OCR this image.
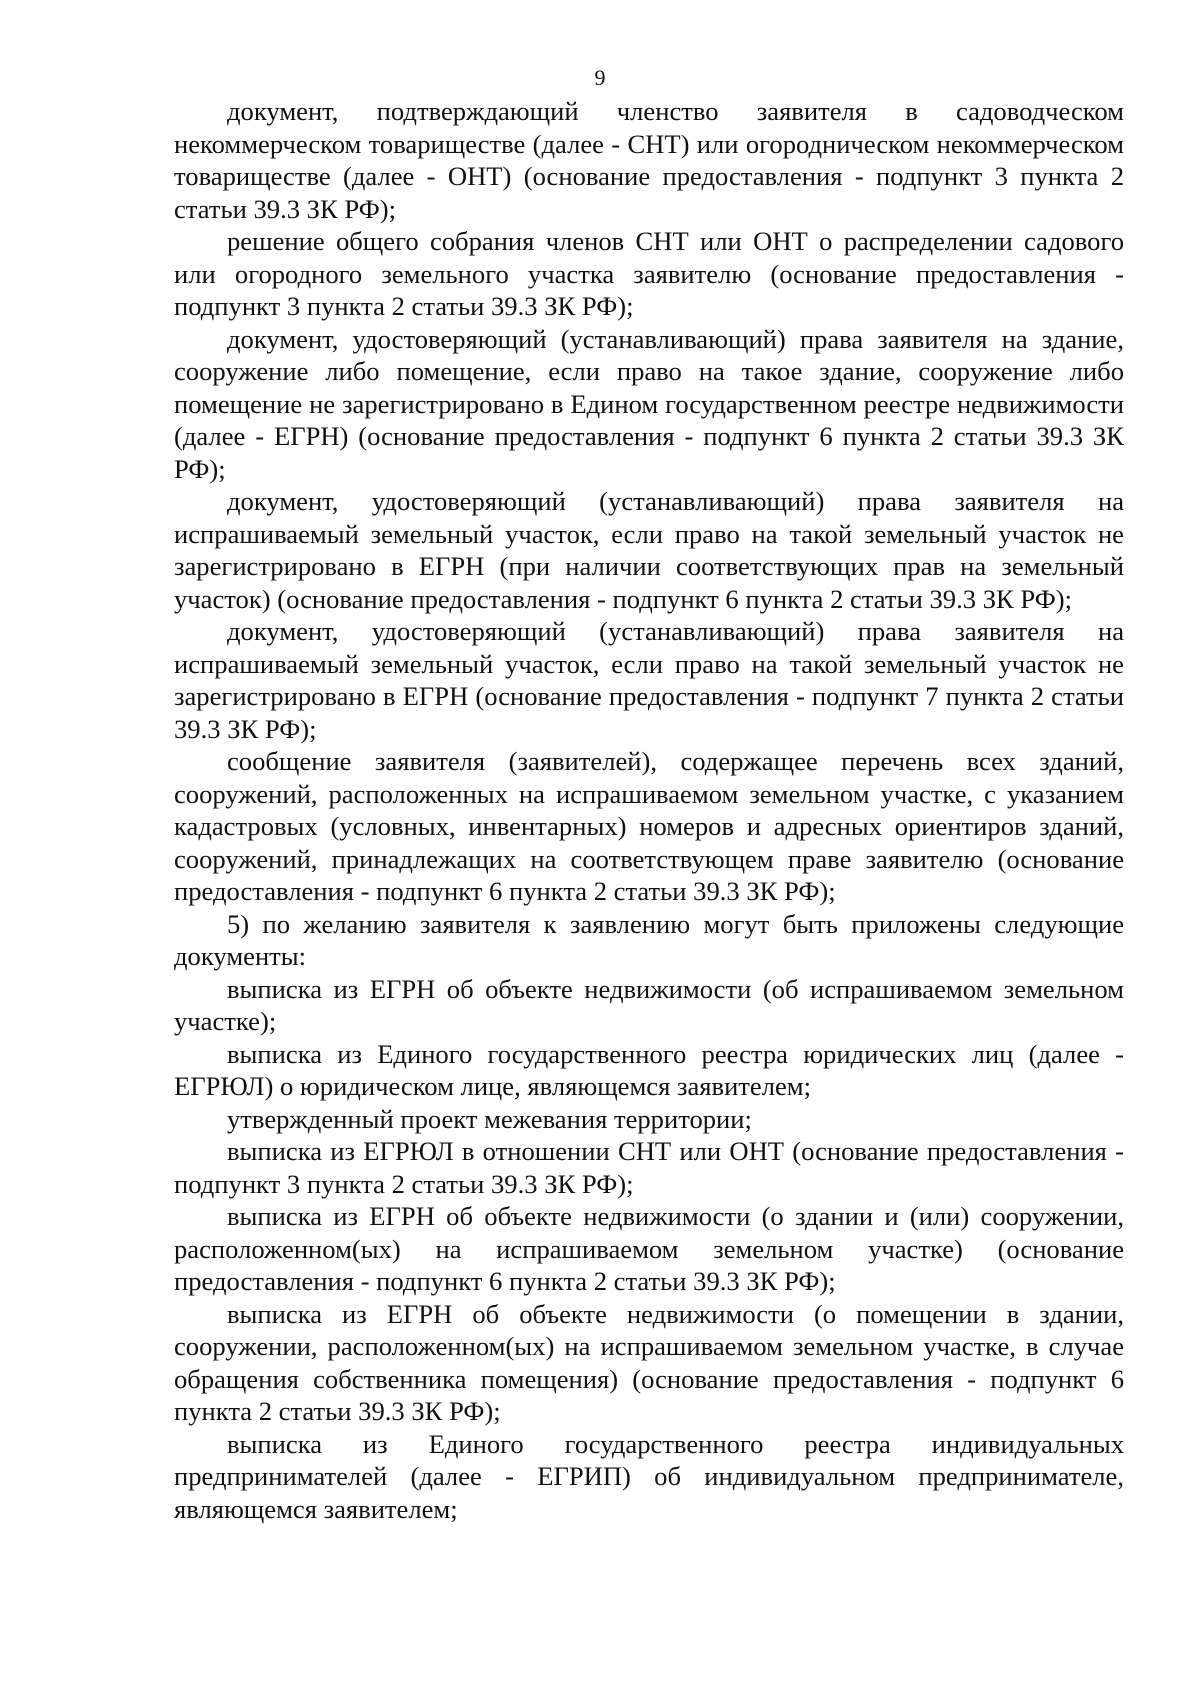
9

документ, подтверждающий членство заявителя в садоводческом некоммерческом товариществе (далее - СНТ) или огородническом некоммерческом товариществе (далее - ОНТ) (основание предоставления - подпункт 3 пункта 2 статьи 39.3 ЗК РФ);

решение общего собрания членов СНТ или ОНТ о распределении садового или огородного земельного участка заявителю (основание предоставления - подпункт 3 пункта 2 статьи 39.3 ЗК РФ);

документ, удостоверяющий (устанавливающий) права заявителя на здание, сооружение либо помещение, если право на такое здание, сооружение либо помещение не зарегистрировано в Едином государственном реестре недвижимости (далее - ЕГРН) (основание предоставления - подпункт 6 пункта 2 статьи 39.3 ЗК РФ);

документ, удостоверяющий (устанавливающий) права заявителя на испрашиваемый земельный участок, если право на такой земельный участок не зарегистрировано в ЕГРН (при наличии соответствующих прав на земельный участок) (основание предоставления - подпункт 6 пункта 2 статьи 39.3 ЗК РФ);

документ, удостоверяющий (устанавливающий) права заявителя на испрашиваемый земельный участок, если право на такой земельный участок не зарегистрировано в ЕГРН (основание предоставления - подпункт 7 пункта 2 статьи 39.3 ЗК РФ);

сообщение заявителя (заявителей), содержащее перечень всех зданий, сооружений, расположенных на испрашиваемом земельном участке, с указанием кадастровых (условных, инвентарных) номеров и адресных ориентиров зданий, сооружений, принадлежащих на соответствующем праве заявителю (основание предоставления - подпункт 6 пункта 2 статьи 39.3 ЗК РФ);

5) по желанию заявителя к заявлению могут быть приложены следующие документы:

выписка из ЕГРН об объекте недвижимости (об испрашиваемом земельном участке);

выписка из Единого государственного реестра юридических лиц (далее - ЕГРЮЛ) о юридическом лице, являющемся заявителем;

утвержденный проект межевания территории;

выписка из ЕГРЮЛ в отношении СНТ или ОНТ (основание предоставления - подпункт 3 пункта 2 статьи 39.3 ЗК РФ);

выписка из ЕГРН об объекте недвижимости (о здании и (или) сооружении, расположенном(ых) на испрашиваемом земельном участке) (основание предоставления - подпункт 6 пункта 2 статьи 39.3 ЗК РФ);

выписка из ЕГРН об объекте недвижимости (о помещении в здании, сооружении, расположенном(ых) на испрашиваемом земельном участке, в случае обращения собственника помещения) (основание предоставления - подпункт 6 пункта 2 статьи 39.3 ЗК РФ);

выписка из Единого государственного реестра индивидуальных предпринимателей (далее - ЕГРИП) об индивидуальном предпринимателе, являющемся заявителем;
